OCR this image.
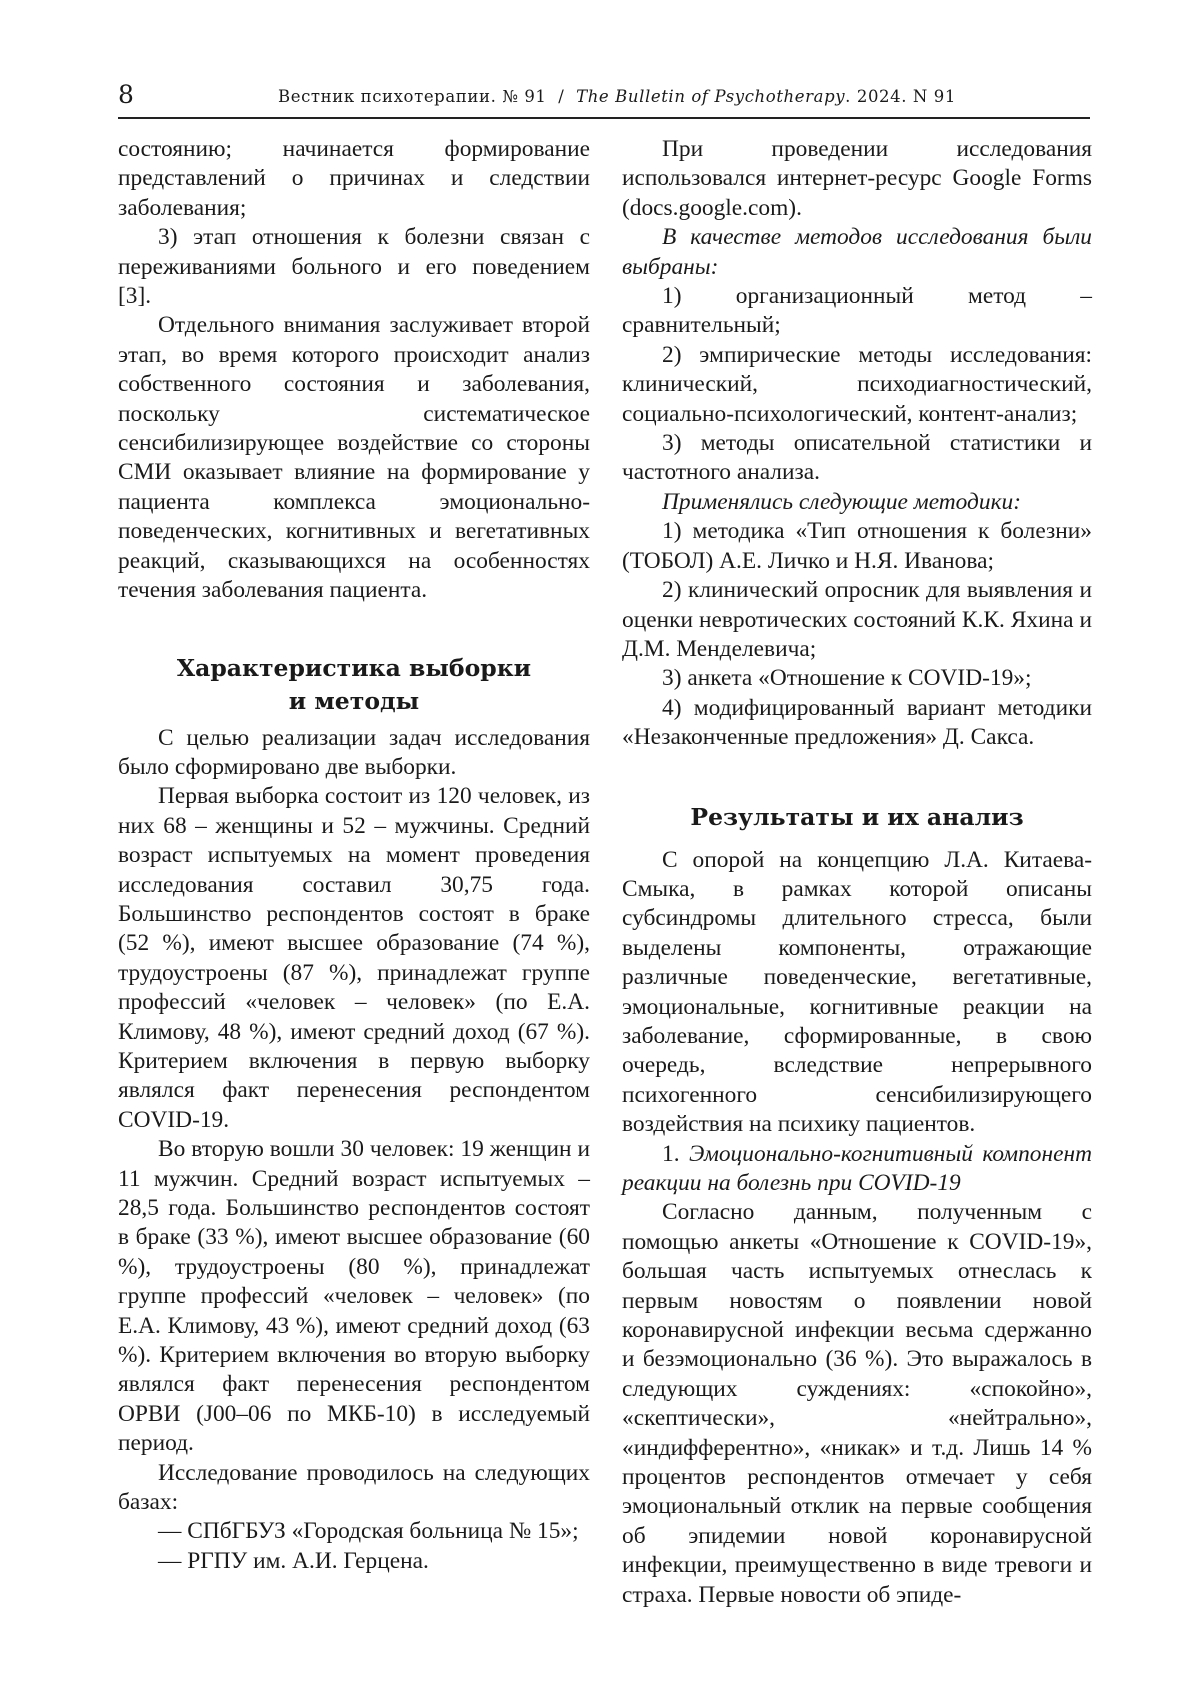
8	Вестник психотерапии. № 91 / The Bulletin of Psychotherapy. 2024. N 91

состоянию; начинается формирование представлений о причинах и следствии заболевания;

3) этап отношения к болезни связан с переживаниями больного и его поведением [3].

Отдельного внимания заслуживает второй этап, во время которого происходит анализ собственного состояния и заболевания, поскольку систематическое сенсибилизирующее воздействие со стороны СМИ оказывает влияние на формирование у пациента комплекса эмоционально-поведенческих, когнитивных и вегетативных реакций, сказывающихся на особенностях течения заболевания пациента.

Характеристика выборки
и методы

С целью реализации задач исследования было сформировано две выборки.

Первая выборка состоит из 120 человек, из них 68 – женщины и 52 – мужчины. Средний возраст испытуемых на момент проведения исследования составил 30,75 года. Большинство респондентов состоят в браке (52 %), имеют высшее образование (74 %), трудоустроены (87 %), принадлежат группе профессий «человек – человек» (по Е.А. Климову, 48 %), имеют средний доход (67 %). Критерием включения в первую выборку являлся факт перенесения респондентом COVID-19.

Во вторую вошли 30 человек: 19 женщин и 11 мужчин. Средний возраст испытуемых – 28,5 года. Большинство респондентов состоят в браке (33 %), имеют высшее образование (60 %), трудоустроены (80 %), принадлежат группе профессий «человек – человек» (по Е.А. Климову, 43 %), имеют средний доход (63 %). Критерием включения во вторую выборку являлся факт перенесения респондентом ОРВИ (J00–06 по МКБ-10) в исследуемый период.

Исследование проводилось на следующих базах:

— СПбГБУЗ «Городская больница № 15»;

— РГПУ им. А.И. Герцена.

При проведении исследования использовался интернет-ресурс Google Forms (docs.google.com).

В качестве методов исследования были выбраны:

1) организационный метод – сравнительный;

2) эмпирические методы исследования: клинический, психодиагностический, социально-психологический, контент-анализ;

3) методы описательной статистики и частотного анализа.

Применялись следующие методики:

1) методика «Тип отношения к болезни» (ТОБОЛ) А.Е. Личко и Н.Я. Иванова;

2) клинический опросник для выявления и оценки невротических состояний К.К. Яхина и Д.М. Менделевича;

3) анкета «Отношение к COVID-19»;

4) модифицированный вариант методики «Незаконченные предложения» Д. Сакса.

Результаты и их анализ

С опорой на концепцию Л.А. Китаева-Смыка, в рамках которой описаны субсиндромы длительного стресса, были выделены компоненты, отражающие различные поведенческие, вегетативные, эмоциональные, когнитивные реакции на заболевание, сформированные, в свою очередь, вследствие непрерывного психогенного сенсибилизирующего воздействия на психику пациентов.

1. Эмоционально-когнитивный компонент реакции на болезнь при COVID-19

Согласно данным, полученным с помощью анкеты «Отношение к COVID-19», большая часть испытуемых отнеслась к первым новостям о появлении новой коронавирусной инфекции весьма сдержанно и безэмоционально (36 %). Это выражалось в следующих суждениях: «спокойно», «скептически», «нейтрально», «индифферентно», «никак» и т.д. Лишь 14 % процентов респондентов отмечает у себя эмоциональный отклик на первые сообщения об эпидемии новой коронавирусной инфекции, преимущественно в виде тревоги и страха. Первые новости об эпиде-
